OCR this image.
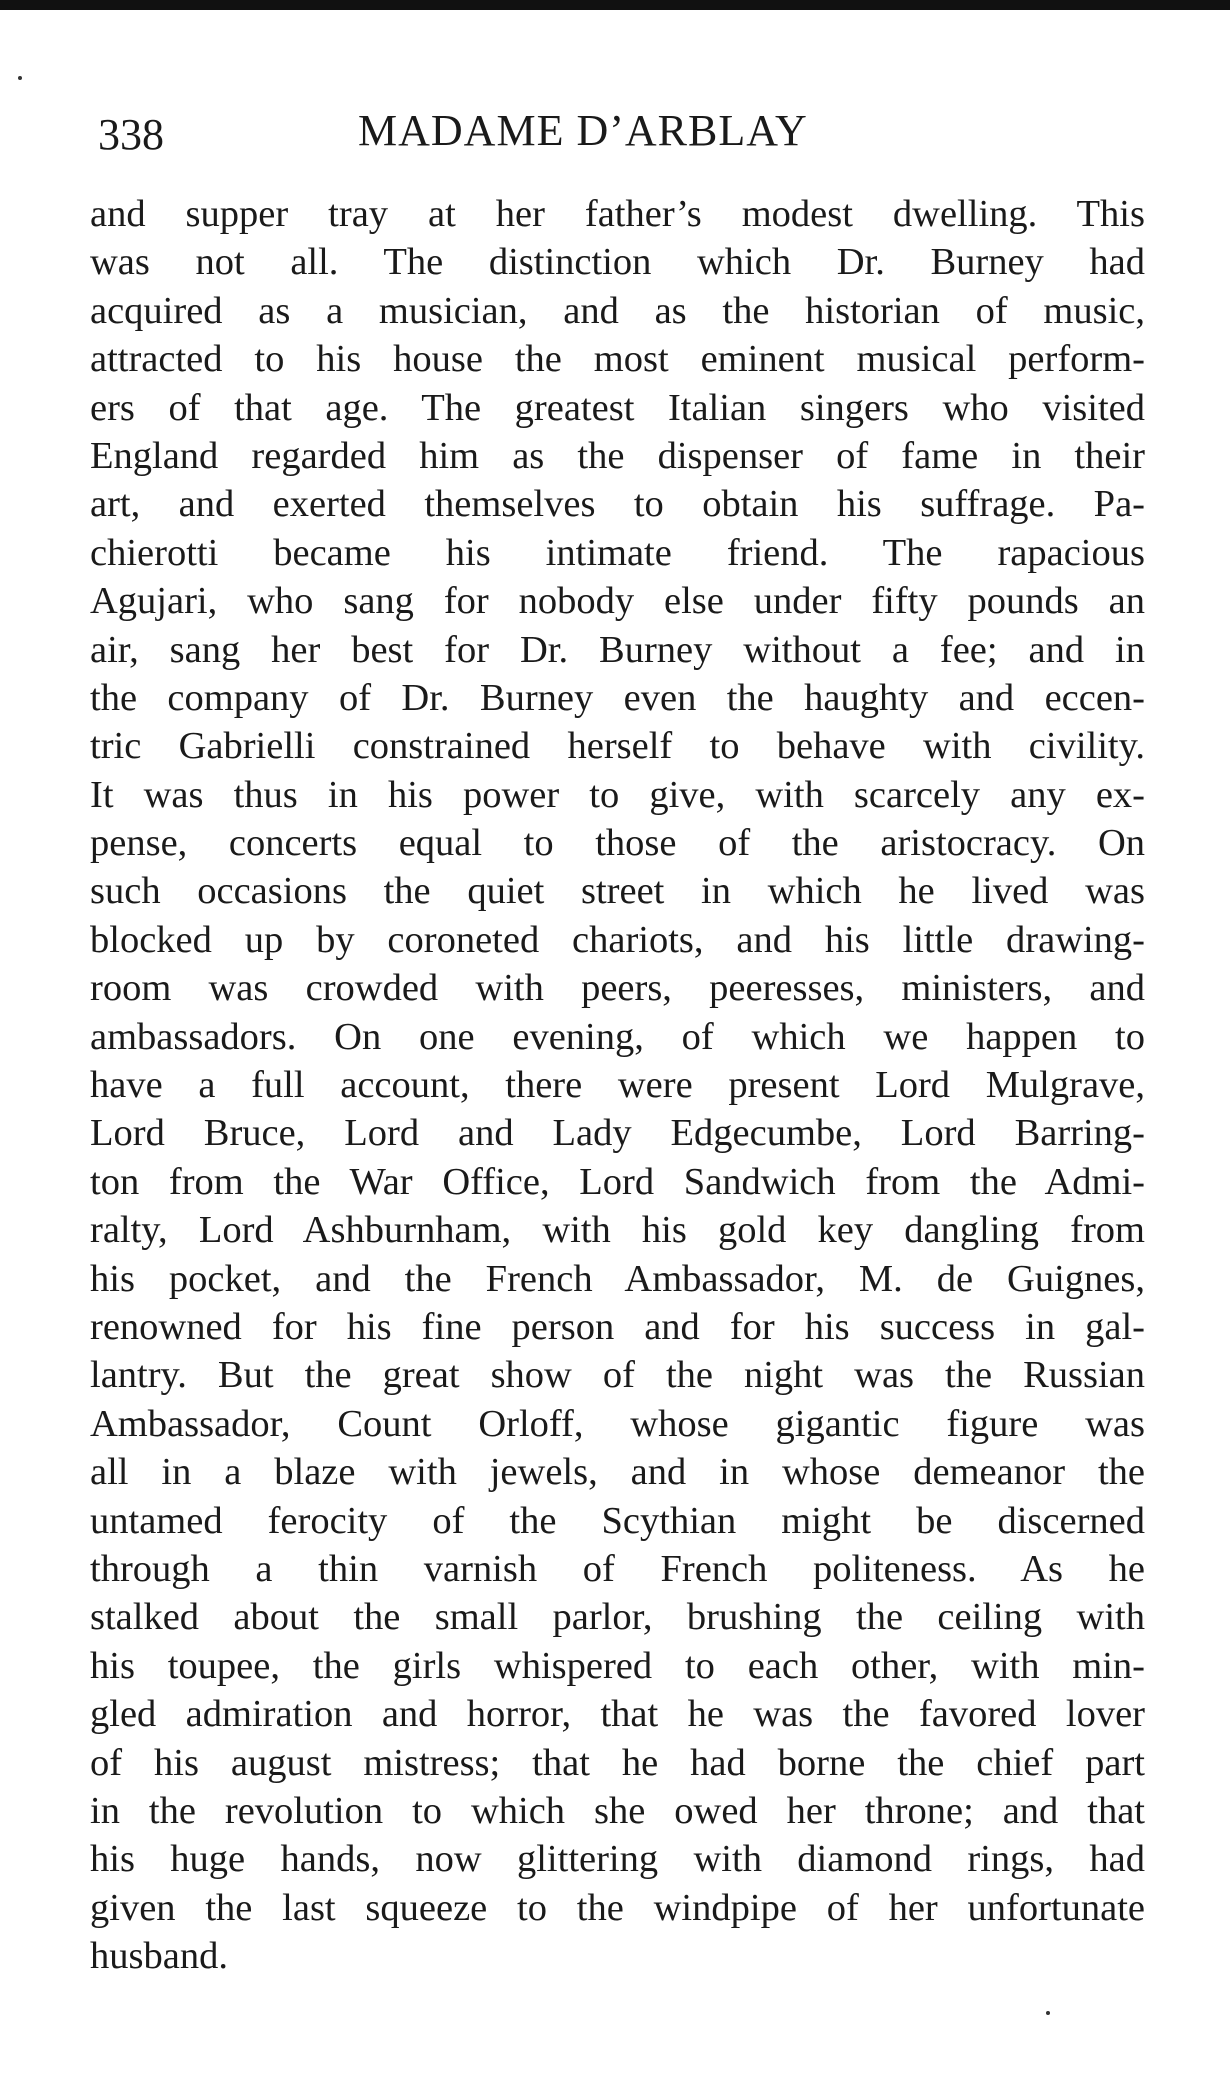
338	MADAME D’ARBLAY
and supper tray at her father’s modest dwelling. This
was not all. The distinction which Dr. Burney had
acquired as a musician, and as the historian of music,
attracted to his house the most eminent musical perform-
ers of that age. The greatest Italian singers who visited
England regarded him as the dispenser of fame in their
art, and exerted themselves to obtain his suffrage. Pa-
chierotti became his intimate friend. The rapacious
Agujari, who sang for nobody else under fifty pounds an
air, sang her best for Dr. Burney without a fee; and in
the company of Dr. Burney even the haughty and eccen-
tric Gabrielli constrained herself to behave with civility.
It was thus in his power to give, with scarcely any ex-
pense, concerts equal to those of the aristocracy. On
such occasions the quiet street in which he lived was
blocked up by coroneted chariots, and his little drawing-
room was crowded with peers, peeresses, ministers, and
ambassadors. On one evening, of which we happen to
have a full account, there were present Lord Mulgrave,
Lord Bruce, Lord and Lady Edgecumbe, Lord Barring-
ton from the War Office, Lord Sandwich from the Admi-
ralty, Lord Ashburnham, with his gold key dangling from
his pocket, and the French Ambassador, M. de Guignes,
renowned for his fine person and for his success in gal-
lantry. But the great show of the night was the Russian
Ambassador, Count Orloff, whose gigantic figure was
all in a blaze with jewels, and in whose demeanor the
untamed ferocity of the Scythian might be discerned
through a thin varnish of French politeness. As he
stalked about the small parlor, brushing the ceiling with
his toupee, the girls whispered to each other, with min-
gled admiration and horror, that he was the favored lover
of his august mistress; that he had borne the chief part
in the revolution to which she owed her throne; and that
his huge hands, now glittering with diamond rings, had
given the last squeeze to the windpipe of her unfortunate
husband.
